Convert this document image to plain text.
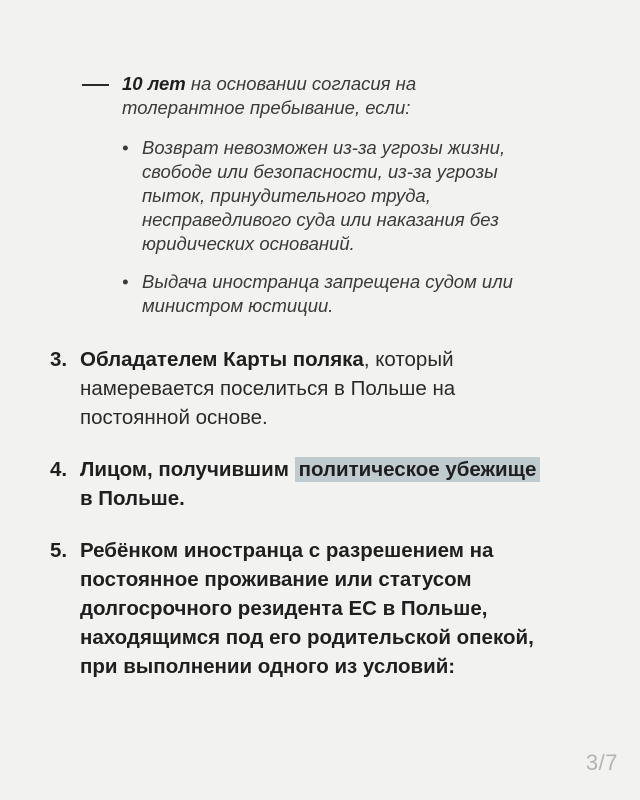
10 лет на основании согласия на толерантное пребывание, если:
• Возврат невозможен из-за угрозы жизни, свободе или безопасности, из-за угрозы пыток, принудительного труда, несправедливого суда или наказания без юридических оснований.
• Выдача иностранца запрещена судом или министром юстиции.
3. Обладателем Карты поляка, который намеревается поселиться в Польше на постоянной основе.
4. Лицом, получившим политическое убежище в Польше.
5. Ребёнком иностранца с разрешением на постоянное проживание или статусом долгосрочного резидента ЕС в Польше, находящимся под его родительской опекой, при выполнении одного из условий:
3/7
